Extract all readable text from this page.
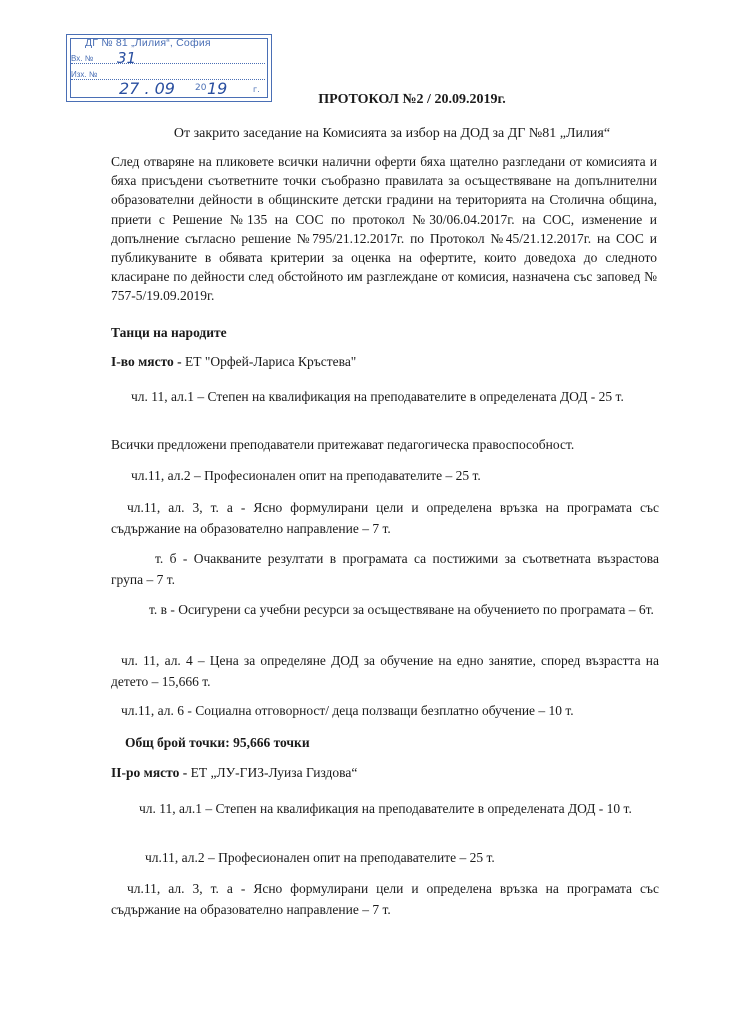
ДГ № 81 „Лилия“, София
Вх. №
Изх. №
31
27 . 09 20 19	г.
ПРОТОКОЛ №2 / 20.09.2019г.
От закрито заседание на Комисията за избор на ДОД за ДГ №81 „Лилия“
След отваряне на пликовете всички налични оферти бяха щателно разгледани от комисията и бяха присъдени съответните точки съобразно правилата за осъществяване на допълнителни образователни дейности в общинските детски градини на територията на Столична община, приети с Решение №135 на СОС по протокол №30/06.04.2017г. на СОС, изменение и допълнение съгласно решение №795/21.12.2017г. по Протокол №45/21.12.2017г. на СОС и публикуваните в обявата критерии за оценка на офертите, които доведоха до следното класиране по дейности след обстойното им разглеждане от комисия, назначена със заповед № 757-5/19.09.2019г.
Танци на народите
I-во място - ЕТ "Орфей-Лариса Кръстева"
чл. 11, ал.1 – Степен на квалификация на преподавателите в определената ДОД - 25 т.
Всички предложени преподаватели притежават педагогическа правоспособност.
чл.11, ал.2 – Професионален опит на преподавателите – 25 т.
чл.11, ал. 3, т. а - Ясно формулирани цели и определена връзка на програмата със съдържание на образователно направление – 7 т.
т. б - Очакваните резултати в програмата са постижими за съответната възрастова група – 7 т.
т. в - Осигурени са учебни ресурси за осъществяване на обучението по програмата – 6т.
чл. 11, ал. 4 – Цена за определяне ДОД за обучение на едно занятие, според възрастта на детето – 15,666 т.
чл.11, ал. 6 - Социална отговорност/ деца ползващи безплатно обучение – 10 т.
Общ брой точки: 95,666 точки
II-ро място - ЕТ „ЛУ-ГИЗ-Луиза Гиздова“
чл. 11, ал.1 – Степен на квалификация на преподавателите в определената ДОД - 10 т.
чл.11, ал.2 – Професионален опит на преподавателите – 25 т.
чл.11, ал. 3, т. а - Ясно формулирани цели и определена връзка на програмата със съдържание на образователно направление – 7 т.
